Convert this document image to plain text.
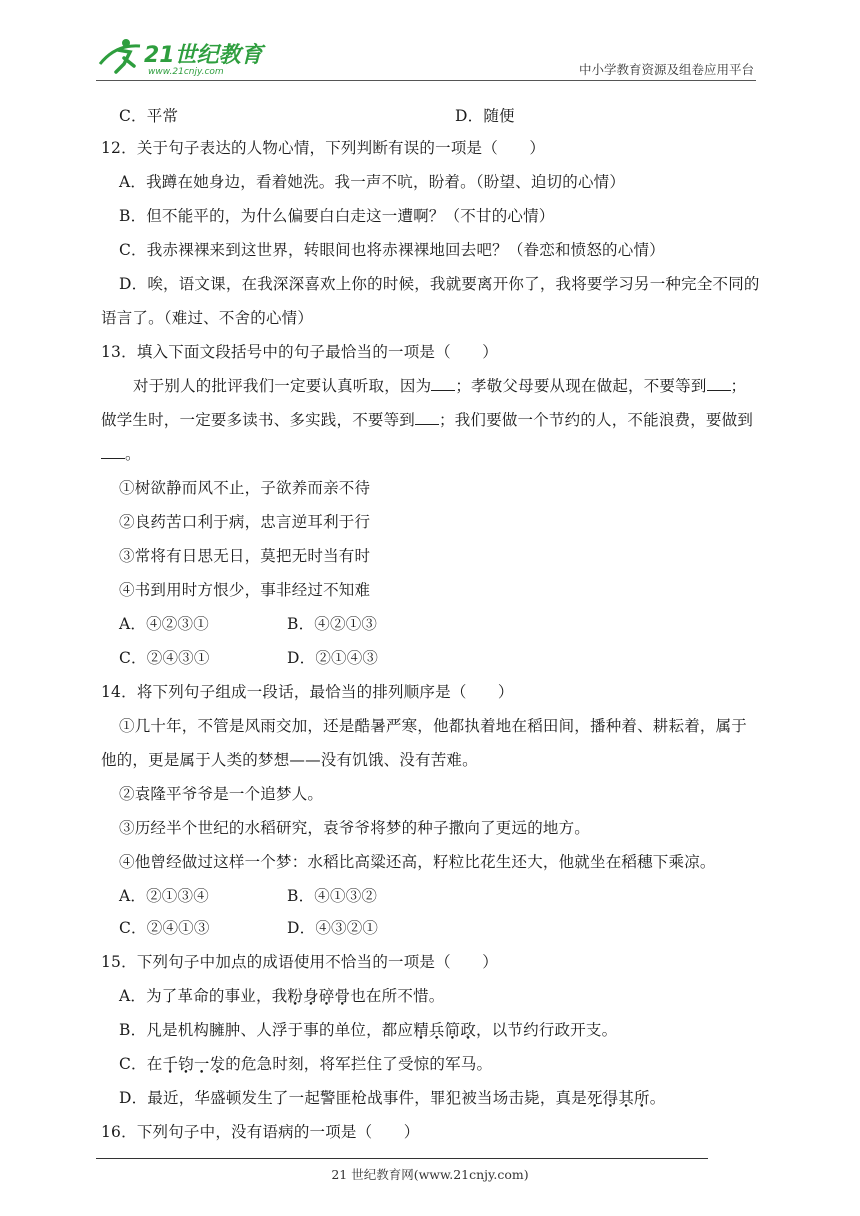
21世纪教育
www.21cnjy.com	中小学教育资源及组卷应用平台
C．平常	D．随便
12．关于句子表达的人物心情，下列判断有误的一项是（　　）
A．我蹲在她身边，看着她洗。我一声不吭，盼着。（盼望、迫切的心情）
B．但不能平的，为什么偏要白白走这一遭啊？（不甘的心情）
C．我赤裸裸来到这世界，转眼间也将赤裸裸地回去吧？（眷恋和愤怒的心情）
D．唉，语文课，在我深深喜欢上你的时候，我就要离开你了，我将要学习另一种完全不同的
语言了。（难过、不舍的心情）
13．填入下面文段括号中的句子最恰当的一项是（　　）
对于别人的批评我们一定要认真听取，因为 ；孝敬父母要从现在做起，不要等到 ；
做学生时，一定要多读书、多实践，不要等到 ；我们要做一个节约的人，不能浪费，要做到
。
①树欲静而风不止，子欲养而亲不待
②良药苦口利于病，忠言逆耳利于行
③常将有日思无日，莫把无时当有时
④书到用时方恨少，事非经过不知难
A．④②③①	B．④②①③
C．②④③①	D．②①④③
14．将下列句子组成一段话，最恰当的排列顺序是（　　）
①几十年，不管是风雨交加，还是酷暑严寒，他都执着地在稻田间，播种着、耕耘着，属于
他的，更是属于人类的梦想——没有饥饿、没有苦难。
②袁隆平爷爷是一个追梦人。
③历经半个世纪的水稻研究，袁爷爷将梦的种子撒向了更远的地方。
④他曾经做过这样一个梦：水稻比高粱还高，籽粒比花生还大，他就坐在稻穗下乘凉。
A．②①③④	B．④①③②
C．②④①③	D．④③②①
15．下列句子中加点的成语使用不恰当的一项是（　　）
A．为了革命的事业，我粉身碎骨也在所不惜。
B．凡是机构臃肿、人浮于事的单位，都应精兵简政，以节约行政开支。
C．在千钧一发的危急时刻，将军拦住了受惊的军马。
D．最近，华盛顿发生了一起警匪枪战事件，罪犯被当场击毙，真是死得其所。
16．下列句子中，没有语病的一项是（　　）
21 世纪教育网(www.21cnjy.com)
